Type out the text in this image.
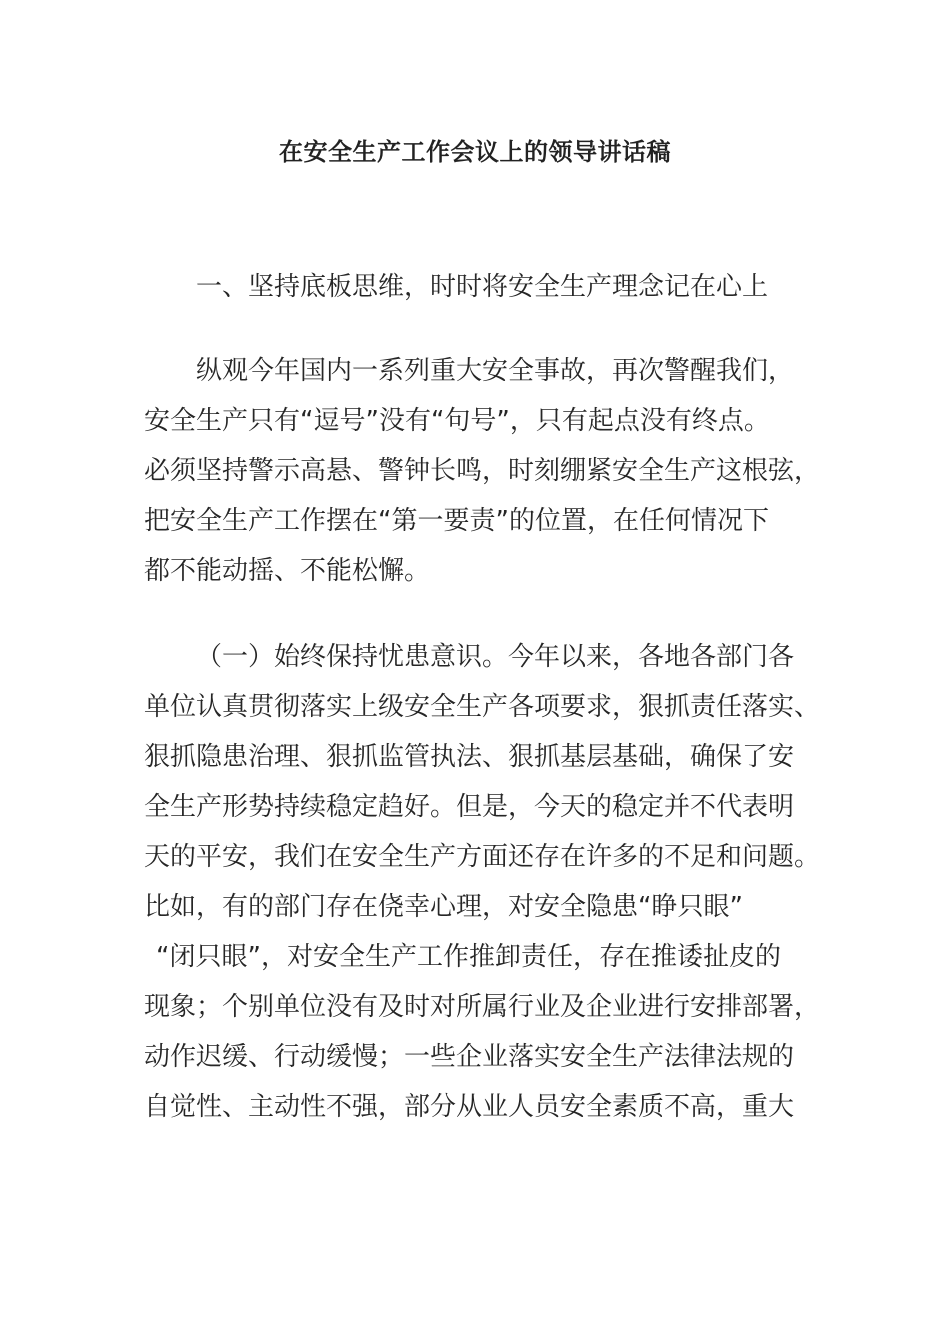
在安全生产工作会议上的领导讲话稿
一、坚持底板思维，时时将安全生产理念记在心上
纵观今年国内一系列重大安全事故，再次警醒我们，
安全生产只有“逗号”没有“句号”，只有起点没有终点。
必须坚持警示高悬、警钟长鸣，时刻绷紧安全生产这根弦，
把安全生产工作摆在“第一要责”的位置，在任何情况下
都不能动摇、不能松懈。
（一）始终保持忧患意识。今年以来，各地各部门各
单位认真贯彻落实上级安全生产各项要求，狠抓责任落实、
狠抓隐患治理、狠抓监管执法、狠抓基层基础，确保了安
全生产形势持续稳定趋好。但是，今天的稳定并不代表明
天的平安，我们在安全生产方面还存在许多的不足和问题。
比如，有的部门存在侥幸心理，对安全隐患“睁只眼”
“闭只眼”，对安全生产工作推卸责任，存在推诿扯皮的
现象；个别单位没有及时对所属行业及企业进行安排部署，
动作迟缓、行动缓慢；一些企业落实安全生产法律法规的
自觉性、主动性不强，部分从业人员安全素质不高，重大
